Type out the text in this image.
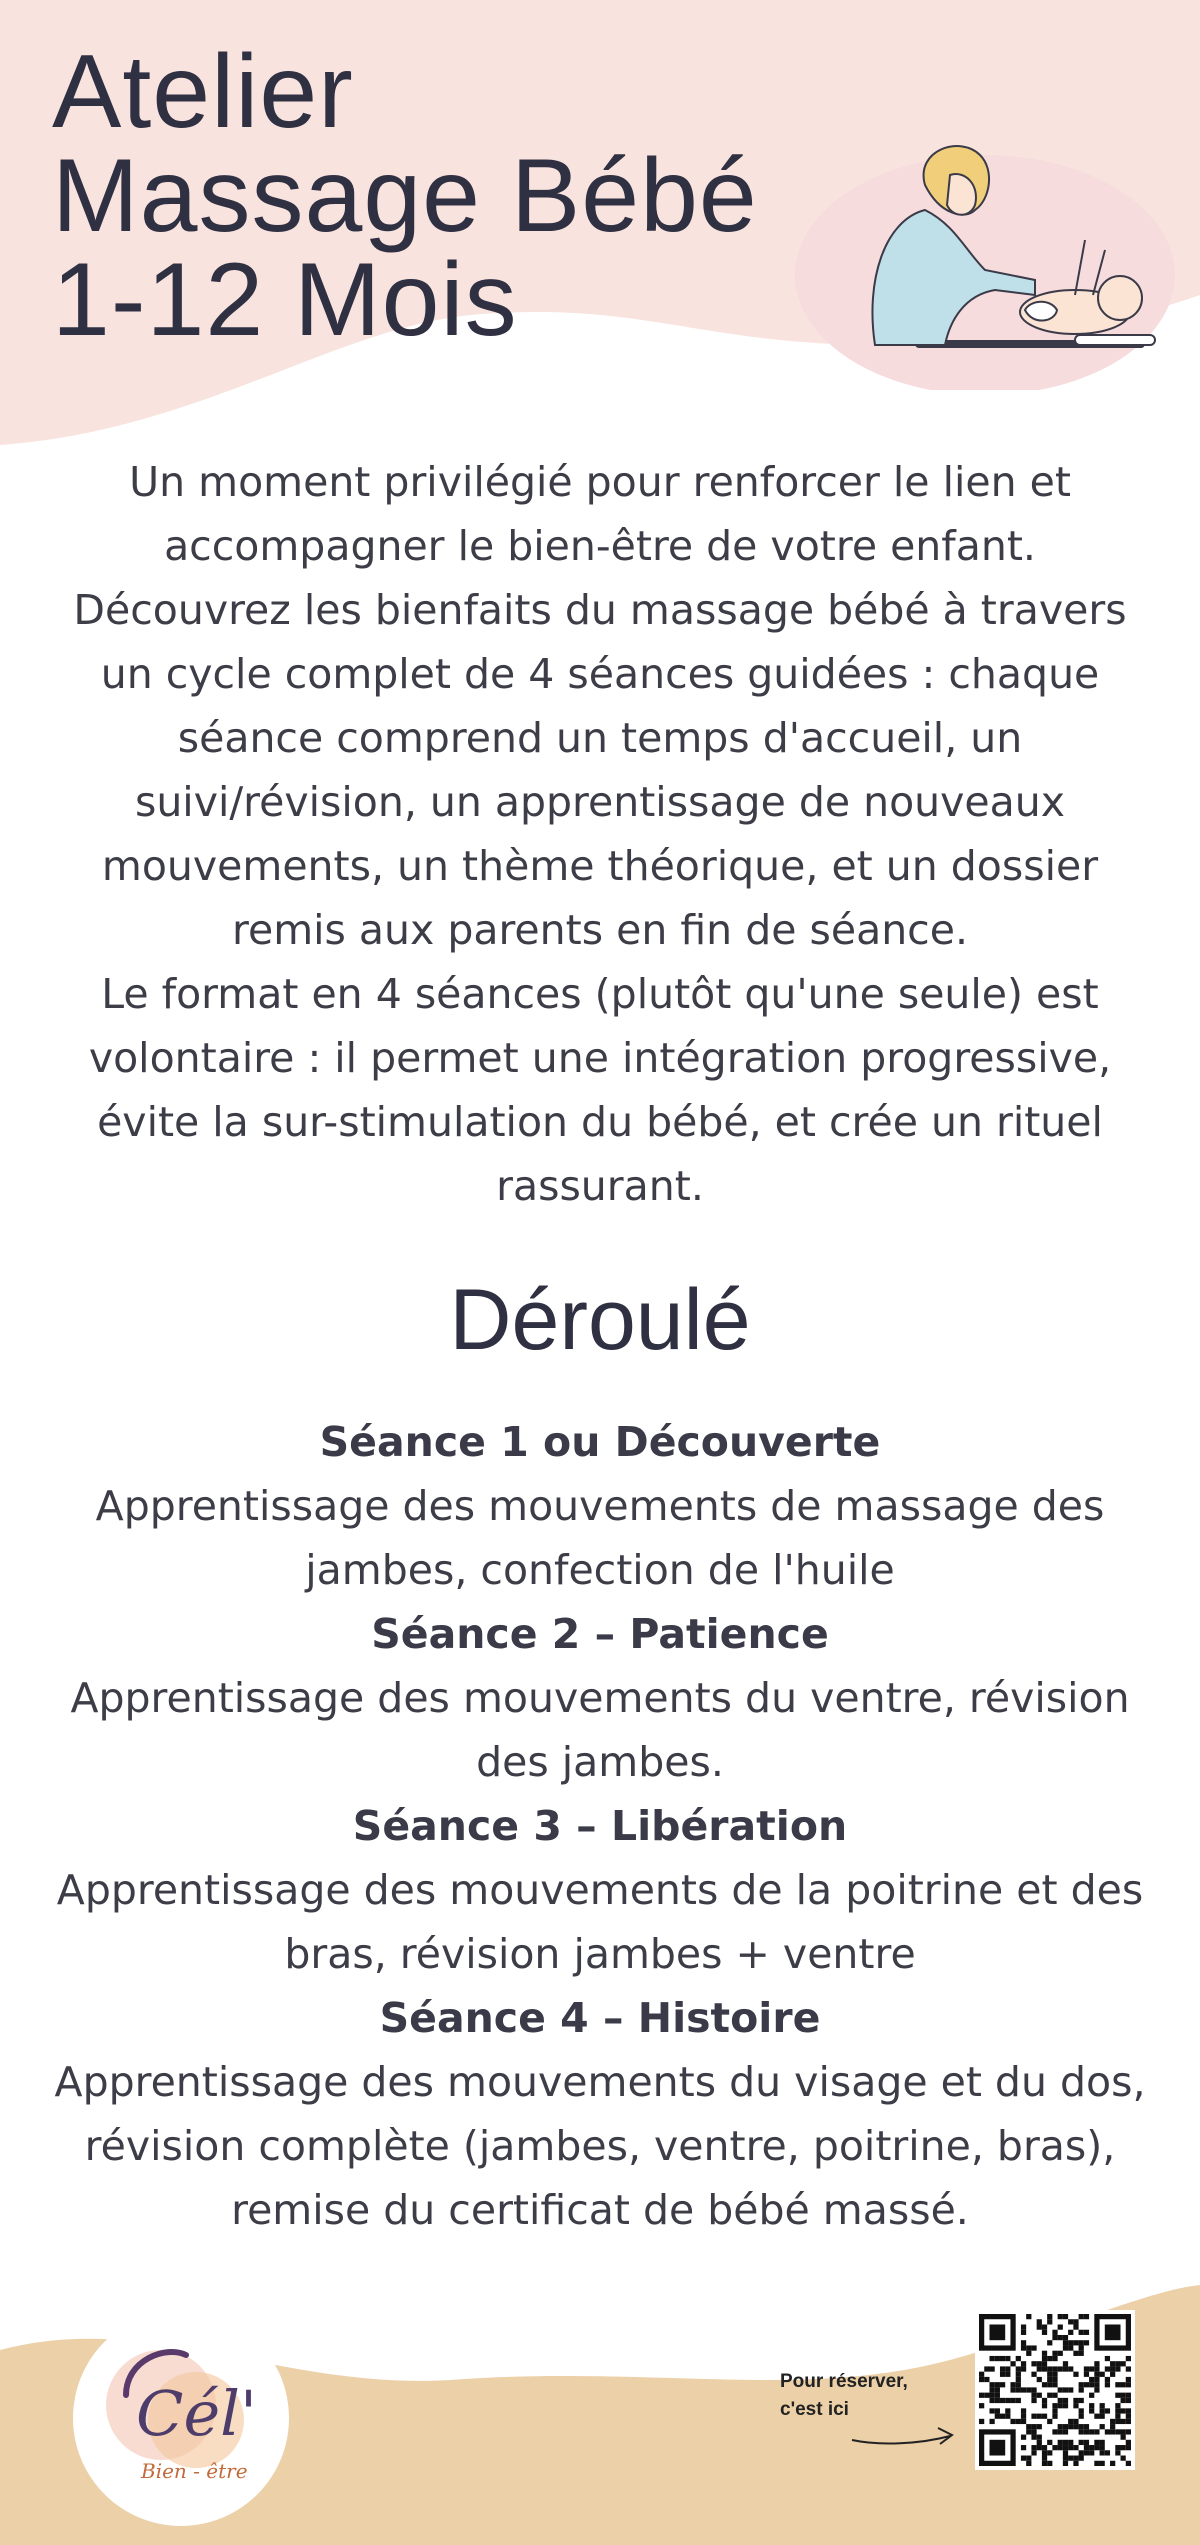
Atelier
Massage Bébé
1-12 Mois

Un moment privilégié pour renforcer le lien et accompagner le bien-être de votre enfant.

Découvrez les bienfaits du massage bébé à travers un cycle complet de 4 séances guidées : chaque séance comprend un temps d'accueil, un suivi/révision, un apprentissage de nouveaux mouvements, un thème théorique, et un dossier remis aux parents en fin de séance.

Le format en 4 séances (plutôt qu'une seule) est volontaire : il permet une intégration progressive, évite la sur-stimulation du bébé, et crée un rituel rassurant.

Déroulé
Séance 1 ou Découverte

Apprentissage des mouvements de massage des jambes, confection de l'huile

Séance 2 – Patience

Apprentissage des mouvements du ventre, révision des jambes.

Séance 3 – Libération

Apprentissage des mouvements de la poitrine et des bras, révision jambes + ventre

Séance 4 – Histoire

Apprentissage des mouvements du visage et du dos, révision complète (jambes, ventre, poitrine, bras), remise du certificat de bébé massé.

Cél'
Bien - être
Pour réserver,
c'est ici
